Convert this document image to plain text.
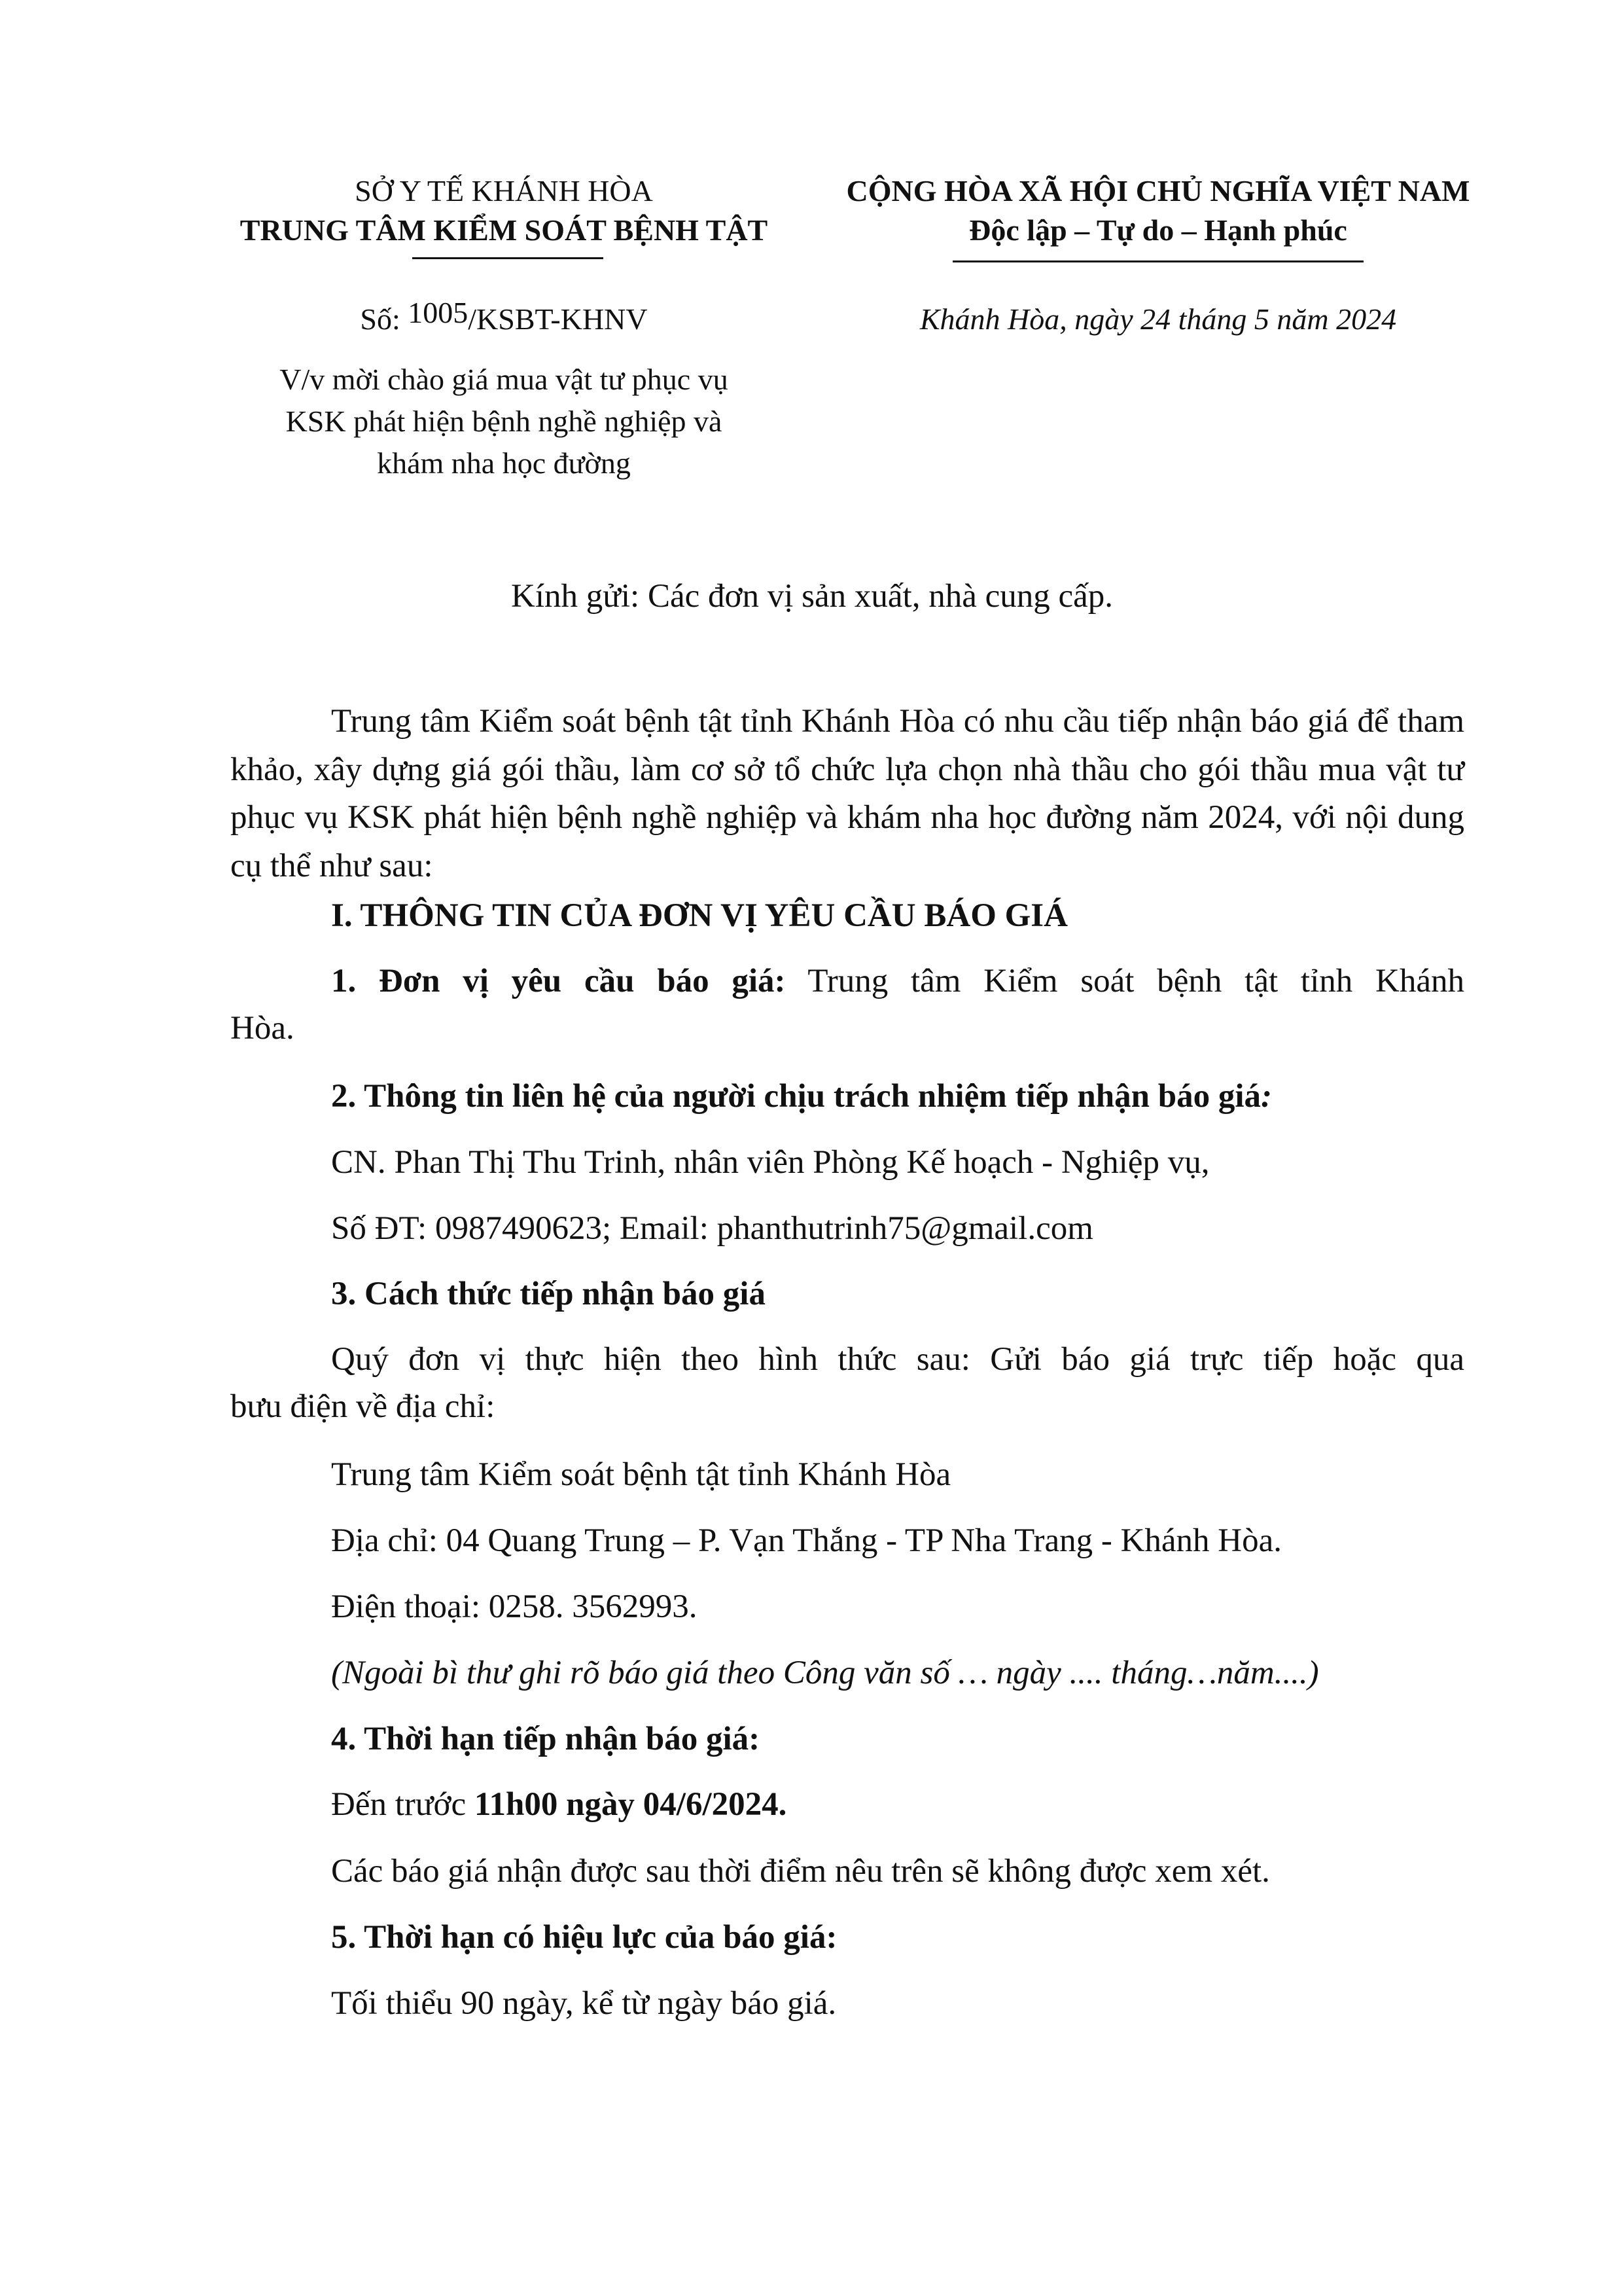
SỞ Y TẾ KHÁNH HÒA
TRUNG TÂM KIỂM SOÁT BỆNH TẬT
Số: 1005/KSBT-KHNV
V/v mời chào giá mua vật tư phục vụ
KSK phát hiện bệnh nghề nghiệp và
khám nha học đường
CỘNG HÒA XÃ HỘI CHỦ NGHĨA VIỆT NAM
Độc lập – Tự do – Hạnh phúc
Khánh Hòa, ngày 24 tháng 5 năm 2024
Kính gửi: Các đơn vị sản xuất, nhà cung cấp.
Trung tâm Kiểm soát bệnh tật tỉnh Khánh Hòa có nhu cầu tiếp nhận báo giá để tham khảo, xây dựng giá gói thầu, làm cơ sở tổ chức lựa chọn nhà thầu cho gói thầu mua vật tư phục vụ KSK phát hiện bệnh nghề nghiệp và khám nha học đường năm 2024, với nội dung cụ thể như sau:
I. THÔNG TIN CỦA ĐƠN VỊ YÊU CẦU BÁO GIÁ
1. Đơn vị yêu cầu báo giá: Trung tâm Kiểm soát bệnh tật tỉnh Khánh
Hòa.
2. Thông tin liên hệ của người chịu trách nhiệm tiếp nhận báo giá:
CN. Phan Thị Thu Trinh, nhân viên Phòng Kế hoạch - Nghiệp vụ,
Số ĐT: 0987490623; Email: phanthutrinh75@gmail.com
3. Cách thức tiếp nhận báo giá
Quý đơn vị thực hiện theo hình thức sau: Gửi báo giá trực tiếp hoặc qua
bưu điện về địa chỉ:
Trung tâm Kiểm soát bệnh tật tỉnh Khánh Hòa
Địa chỉ: 04 Quang Trung – P. Vạn Thắng - TP Nha Trang - Khánh Hòa.
Điện thoại: 0258. 3562993.
(Ngoài bì thư ghi rõ báo giá theo Công văn số … ngày .... tháng…năm....)
4. Thời hạn tiếp nhận báo giá:
Đến trước 11h00 ngày 04/6/2024.
Các báo giá nhận được sau thời điểm nêu trên sẽ không được xem xét.
5. Thời hạn có hiệu lực của báo giá:
Tối thiểu 90 ngày, kể từ ngày báo giá.
